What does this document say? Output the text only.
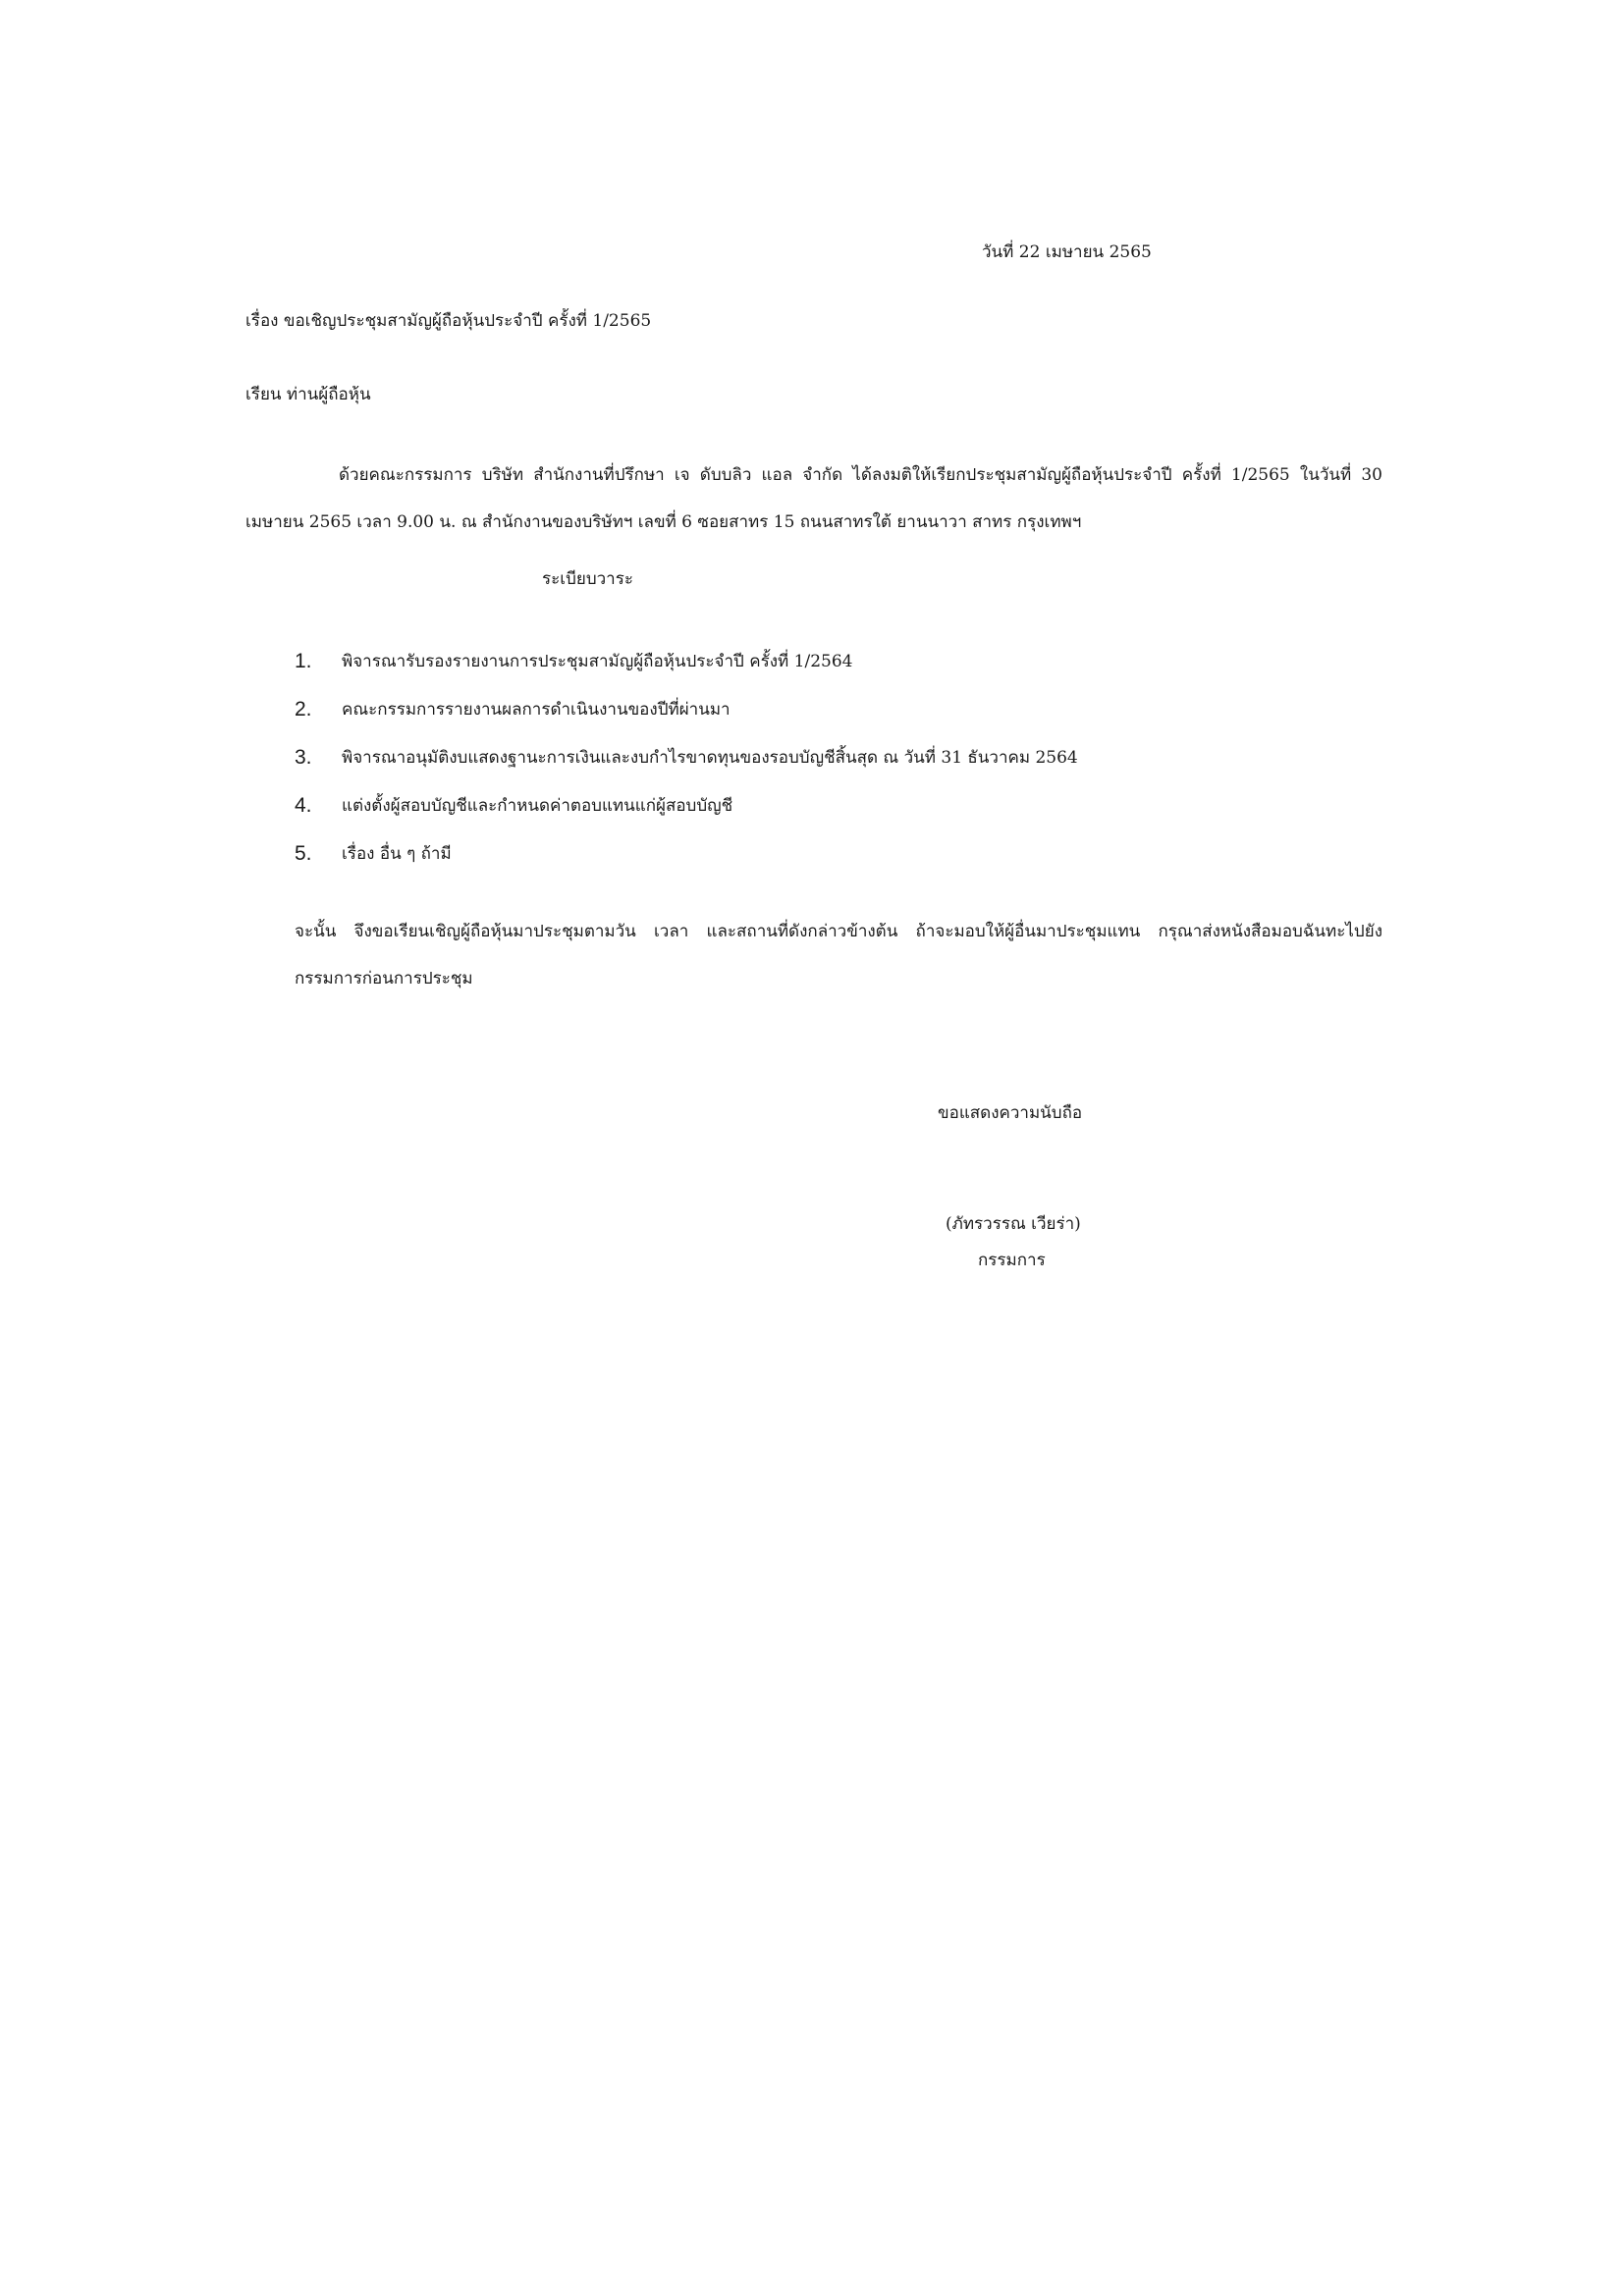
วันที่ 22 เมษายน 2565
เรื่อง ขอเชิญประชุมสามัญผู้ถือหุ้นประจำปี ครั้งที่ 1/2565
เรียน ท่านผู้ถือหุ้น
ด้วยคณะกรรมการ บริษัท สำนักงานที่ปรึกษา เจ ดับบลิว แอล จำกัด ได้ลงมติให้เรียกประชุมสามัญผู้ถือหุ้นประจำปี ครั้งที่ 1/2565 ในวันที่ 30 เมษายน 2565 เวลา 9.00 น. ณ สำนักงานของบริษัทฯ เลขที่ 6 ซอยสาทร 15 ถนนสาทรใต้ ยานนาวา สาทร กรุงเทพฯ
ระเบียบวาระ
1.	พิจารณารับรองรายงานการประชุมสามัญผู้ถือหุ้นประจำปี ครั้งที่ 1/2564
2.	คณะกรรมการรายงานผลการดำเนินงานของปีที่ผ่านมา
3.	พิจารณาอนุมัติงบแสดงฐานะการเงินและงบกำไรขาดทุนของรอบบัญชีสิ้นสุด ณ วันที่ 31 ธันวาคม 2564
4.	แต่งตั้งผู้สอบบัญชีและกำหนดค่าตอบแทนแก่ผู้สอบบัญชี
5.	เรื่อง อื่น ๆ ถ้ามี
จะนั้น จึงขอเรียนเชิญผู้ถือหุ้นมาประชุมตามวัน เวลา และสถานที่ดังกล่าวข้างต้น ถ้าจะมอบให้ผู้อื่นมาประชุมแทน กรุณาส่งหนังสือมอบฉันทะไปยังกรรมการก่อนการประชุม
ขอแสดงความนับถือ
(ภัทรวรรณ เวียร่า)
กรรมการ
